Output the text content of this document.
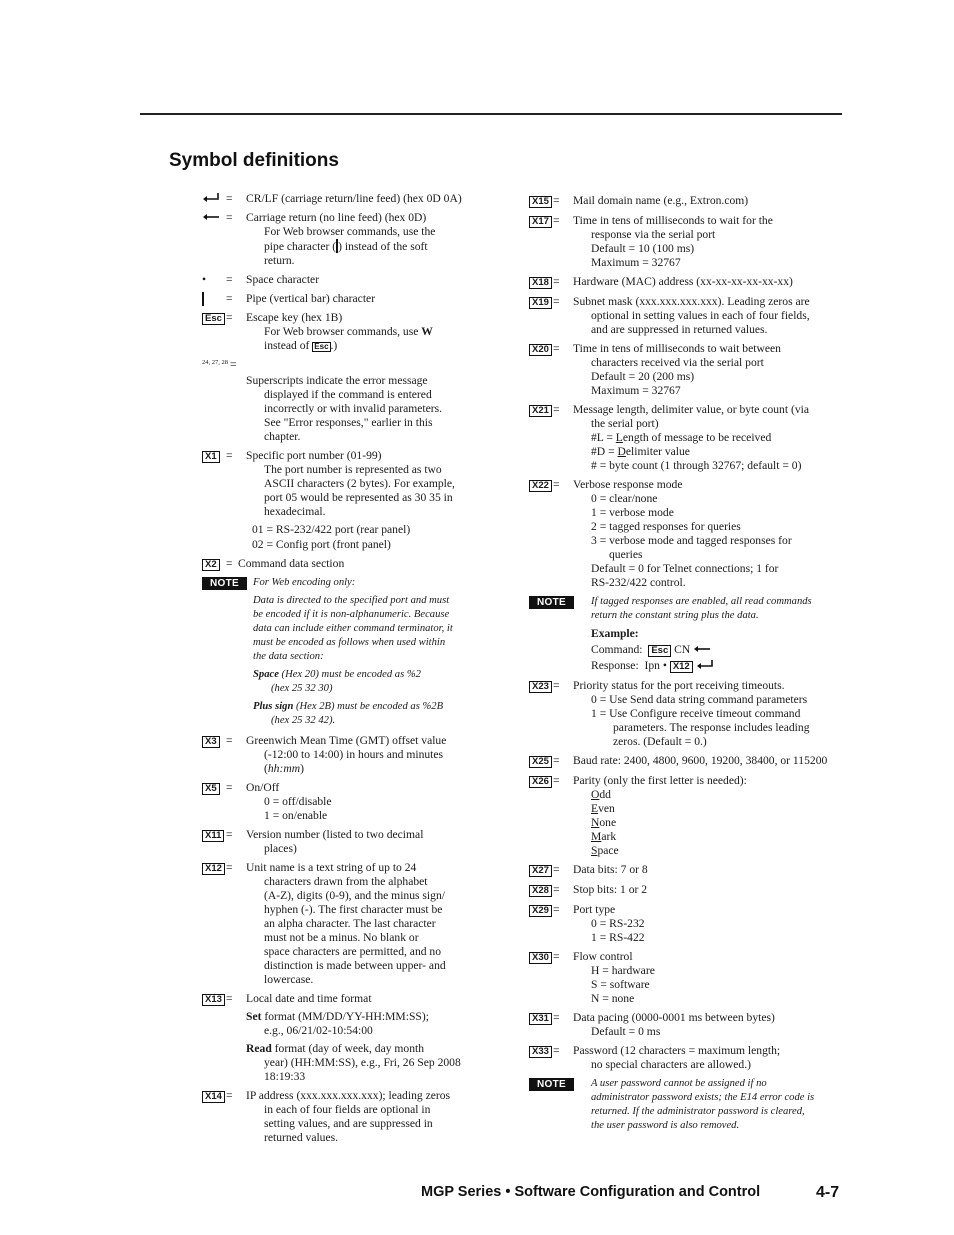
Symbol definitions
= CR/LF (carriage return/line feed) (hex 0D 0A)
= Carriage return (no line feed) (hex 0D)
For Web browser commands, use the
pipe character ( ) instead of the soft
return.
• = Space character
= Pipe (vertical bar) character
Esc = Escape key (hex 1B)
For Web browser commands, use W
instead of Esc .)
$^{24, 27, 28}$ =
Superscripts indicate the error message
displayed if the command is entered
incorrectly or with invalid parameters.
See "Error responses," earlier in this
chapter.
X1 = Specific port number (01-99)
The port number is represented as two
ASCII characters (2 bytes). For example,
port 05 would be represented as 30 35 in
hexadecimal.
01 = RS-232/422 port (rear panel)
02 = Config port (front panel)
X2 = Command data section
NOTE	For Web encoding only:
Data is directed to the specified port and must
be encoded if it is non-alphanumeric. Because
data can include either command terminator, it
must be encoded as follows when used within
the data section:
Space (Hex 20) must be encoded as %2
(hex 25 32 30)
Plus sign (Hex 2B) must be encoded as %2B
(hex 25 32 42).
X3 = Greenwich Mean Time (GMT) offset value
(-12:00 to 14:00) in hours and minutes
(hh:mm)
X5 = On/Off
0 = off/disable
1 = on/enable
X11 = Version number (listed to two decimal
places)
X12 = Unit name is a text string of up to 24
characters drawn from the alphabet
(A-Z), digits (0-9), and the minus sign/
hyphen (-). The first character must be
an alpha character. The last character
must not be a minus. No blank or
space characters are permitted, and no
distinction is made between upper- and
lowercase.
X13 = Local date and time format
Set format (MM/DD/YY-HH:MM:SS);
e.g., 06/21/02-10:54:00
Read format (day of week, day month
year) (HH:MM:SS), e.g., Fri, 26 Sep 2008
18:19:33
X14 = IP address (xxx.xxx.xxx.xxx); leading zeros
in each of four fields are optional in
setting values, and are suppressed in
returned values.
X15 = Mail domain name (e.g., Extron.com)
X17 = Time in tens of milliseconds to wait for the
response via the serial port
Default = 10 (100 ms)
Maximum = 32767
X18 = Hardware (MAC) address (xx-xx-xx-xx-xx-xx)
X19 = Subnet mask (xxx.xxx.xxx.xxx). Leading zeros are
optional in setting values in each of four fields,
and are suppressed in returned values.
X20 = Time in tens of milliseconds to wait between
characters received via the serial port
Default = 20 (200 ms)
Maximum = 32767
X21 = Message length, delimiter value, or byte count (via
the serial port)
#L = Length of message to be received
#D = Delimiter value
# = byte count (1 through 32767; default = 0)
X22 = Verbose response mode
0 = clear/none
1 = verbose mode
2 = tagged responses for queries
3 = verbose mode and tagged responses for
queries
Default = 0 for Telnet connections; 1 for
RS-232/422 control.
NOTE	If tagged responses are enabled, all read commands
return the constant string plus the data.
Example:
Command: Esc CN
Response: Ipn • X12
X23 = Priority status for the port receiving timeouts.
0 = Use Send data string command parameters
1 = Use Configure receive timeout command
parameters. The response includes leading
zeros. (Default = 0.)
X25 = Baud rate: 2400, 4800, 9600, 19200, 38400, or 115200
X26 = Parity (only the first letter is needed):
Odd
Even
None
Mark
Space
X27 = Data bits: 7 or 8
X28 = Stop bits: 1 or 2
X29 = Port type
0 = RS-232
1 = RS-422
X30 = Flow control
H = hardware
S = software
N = none
X31 = Data pacing (0000-0001 ms between bytes)
Default = 0 ms
X33 = Password (12 characters = maximum length;
no special characters are allowed.)
NOTE	A user password cannot be assigned if no
administrator password exists; the E14 error code is
returned. If the administrator password is cleared,
the user password is also removed.
MGP Series • Software Configuration and Control	4-7
